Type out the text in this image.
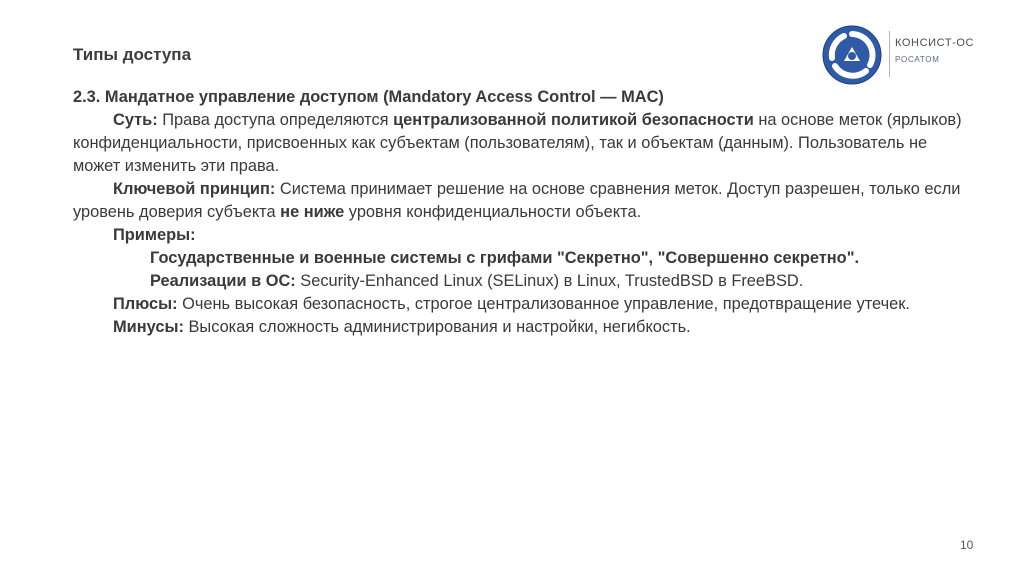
Типы доступа
КОНСИСТ-ОС
РОСАТОМ

2.3. Мандатное управление доступом (Mandatory Access Control — MAC)

Суть: Права доступа определяются централизованной политикой безопасности на основе меток (ярлыков) конфиденциальности, присвоенных как субъектам (пользователям), так и объектам (данным). Пользователь не может изменить эти права.

Ключевой принцип: Система принимает решение на основе сравнения меток. Доступ разрешен, только если уровень доверия субъекта не ниже уровня конфиденциальности объекта.

Примеры:

Государственные и военные системы с грифами "Секретно", "Совершенно секретно".

Реализации в ОС: Security-Enhanced Linux (SELinux) в Linux, TrustedBSD в FreeBSD.

Плюсы: Очень высокая безопасность, строгое централизованное управление, предотвращение утечек.

Минусы: Высокая сложность администрирования и настройки, негибкость.

10
